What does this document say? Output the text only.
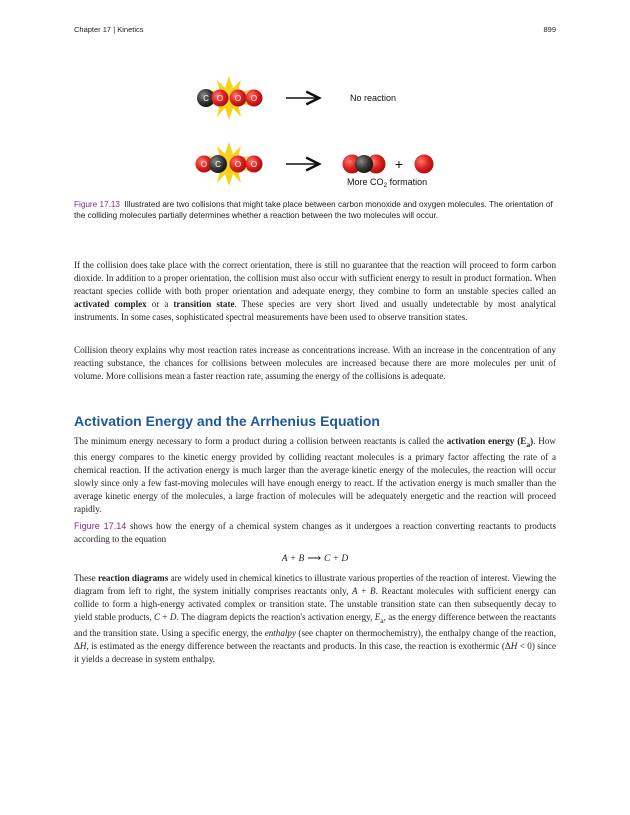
Chapter 17 | Kinetics	899
C O O O	No reaction
O C O O	+
More $CO_2$ formation
Figure 17.13 Illustrated are two collisions that might take place between carbon monoxide and oxygen molecules. The orientation of the colliding molecules partially determines whether a reaction between the two molecules will occur.

If the collision does take place with the correct orientation, there is still no guarantee that the reaction will proceed to form carbon dioxide. In addition to a proper orientation, the collision must also occur with sufficient energy to result in product formation. When reactant species collide with both proper orientation and adequate energy, they combine to form an unstable species called an activated complex or a transition state. These species are very short lived and usually undetectable by most analytical instruments. In some cases, sophisticated spectral measurements have been used to observe transition states.

Collision theory explains why most reaction rates increase as concentrations increase. With an increase in the concentration of any reacting substance, the chances for collisions between molecules are increased because there are more molecules per unit of volume. More collisions mean a faster reaction rate, assuming the energy of the collisions is adequate.

Activation Energy and the Arrhenius Equation

The minimum energy necessary to form a product during a collision between reactants is called the activation energy $(E_a)$. How this energy compares to the kinetic energy provided by colliding reactant molecules is a primary factor affecting the rate of a chemical reaction. If the activation energy is much larger than the average kinetic energy of the molecules, the reaction will occur slowly since only a few fast-moving molecules will have enough energy to react. If the activation energy is much smaller than the average kinetic energy of the molecules, a large fraction of molecules will be adequately energetic and the reaction will proceed rapidly.

Figure 17.14 shows how the energy of a chemical system changes as it undergoes a reaction converting reactants to products according to the equation

A + B ⟶ C + D

These reaction diagrams are widely used in chemical kinetics to illustrate various properties of the reaction of interest. Viewing the diagram from left to right, the system initially comprises reactants only, A + B. Reactant molecules with sufficient energy can collide to form a high-energy activated complex or transition state. The unstable transition state can then subsequently decay to yield stable products, C + D. The diagram depicts the reaction's activation energy, $E_a$, as the energy difference between the reactants and the transition state. Using a specific energy, the enthalpy (see chapter on thermochemistry), the enthalpy change of the reaction, ΔH, is estimated as the energy difference between the reactants and products. In this case, the reaction is exothermic (ΔH < 0) since it yields a decrease in system enthalpy.
